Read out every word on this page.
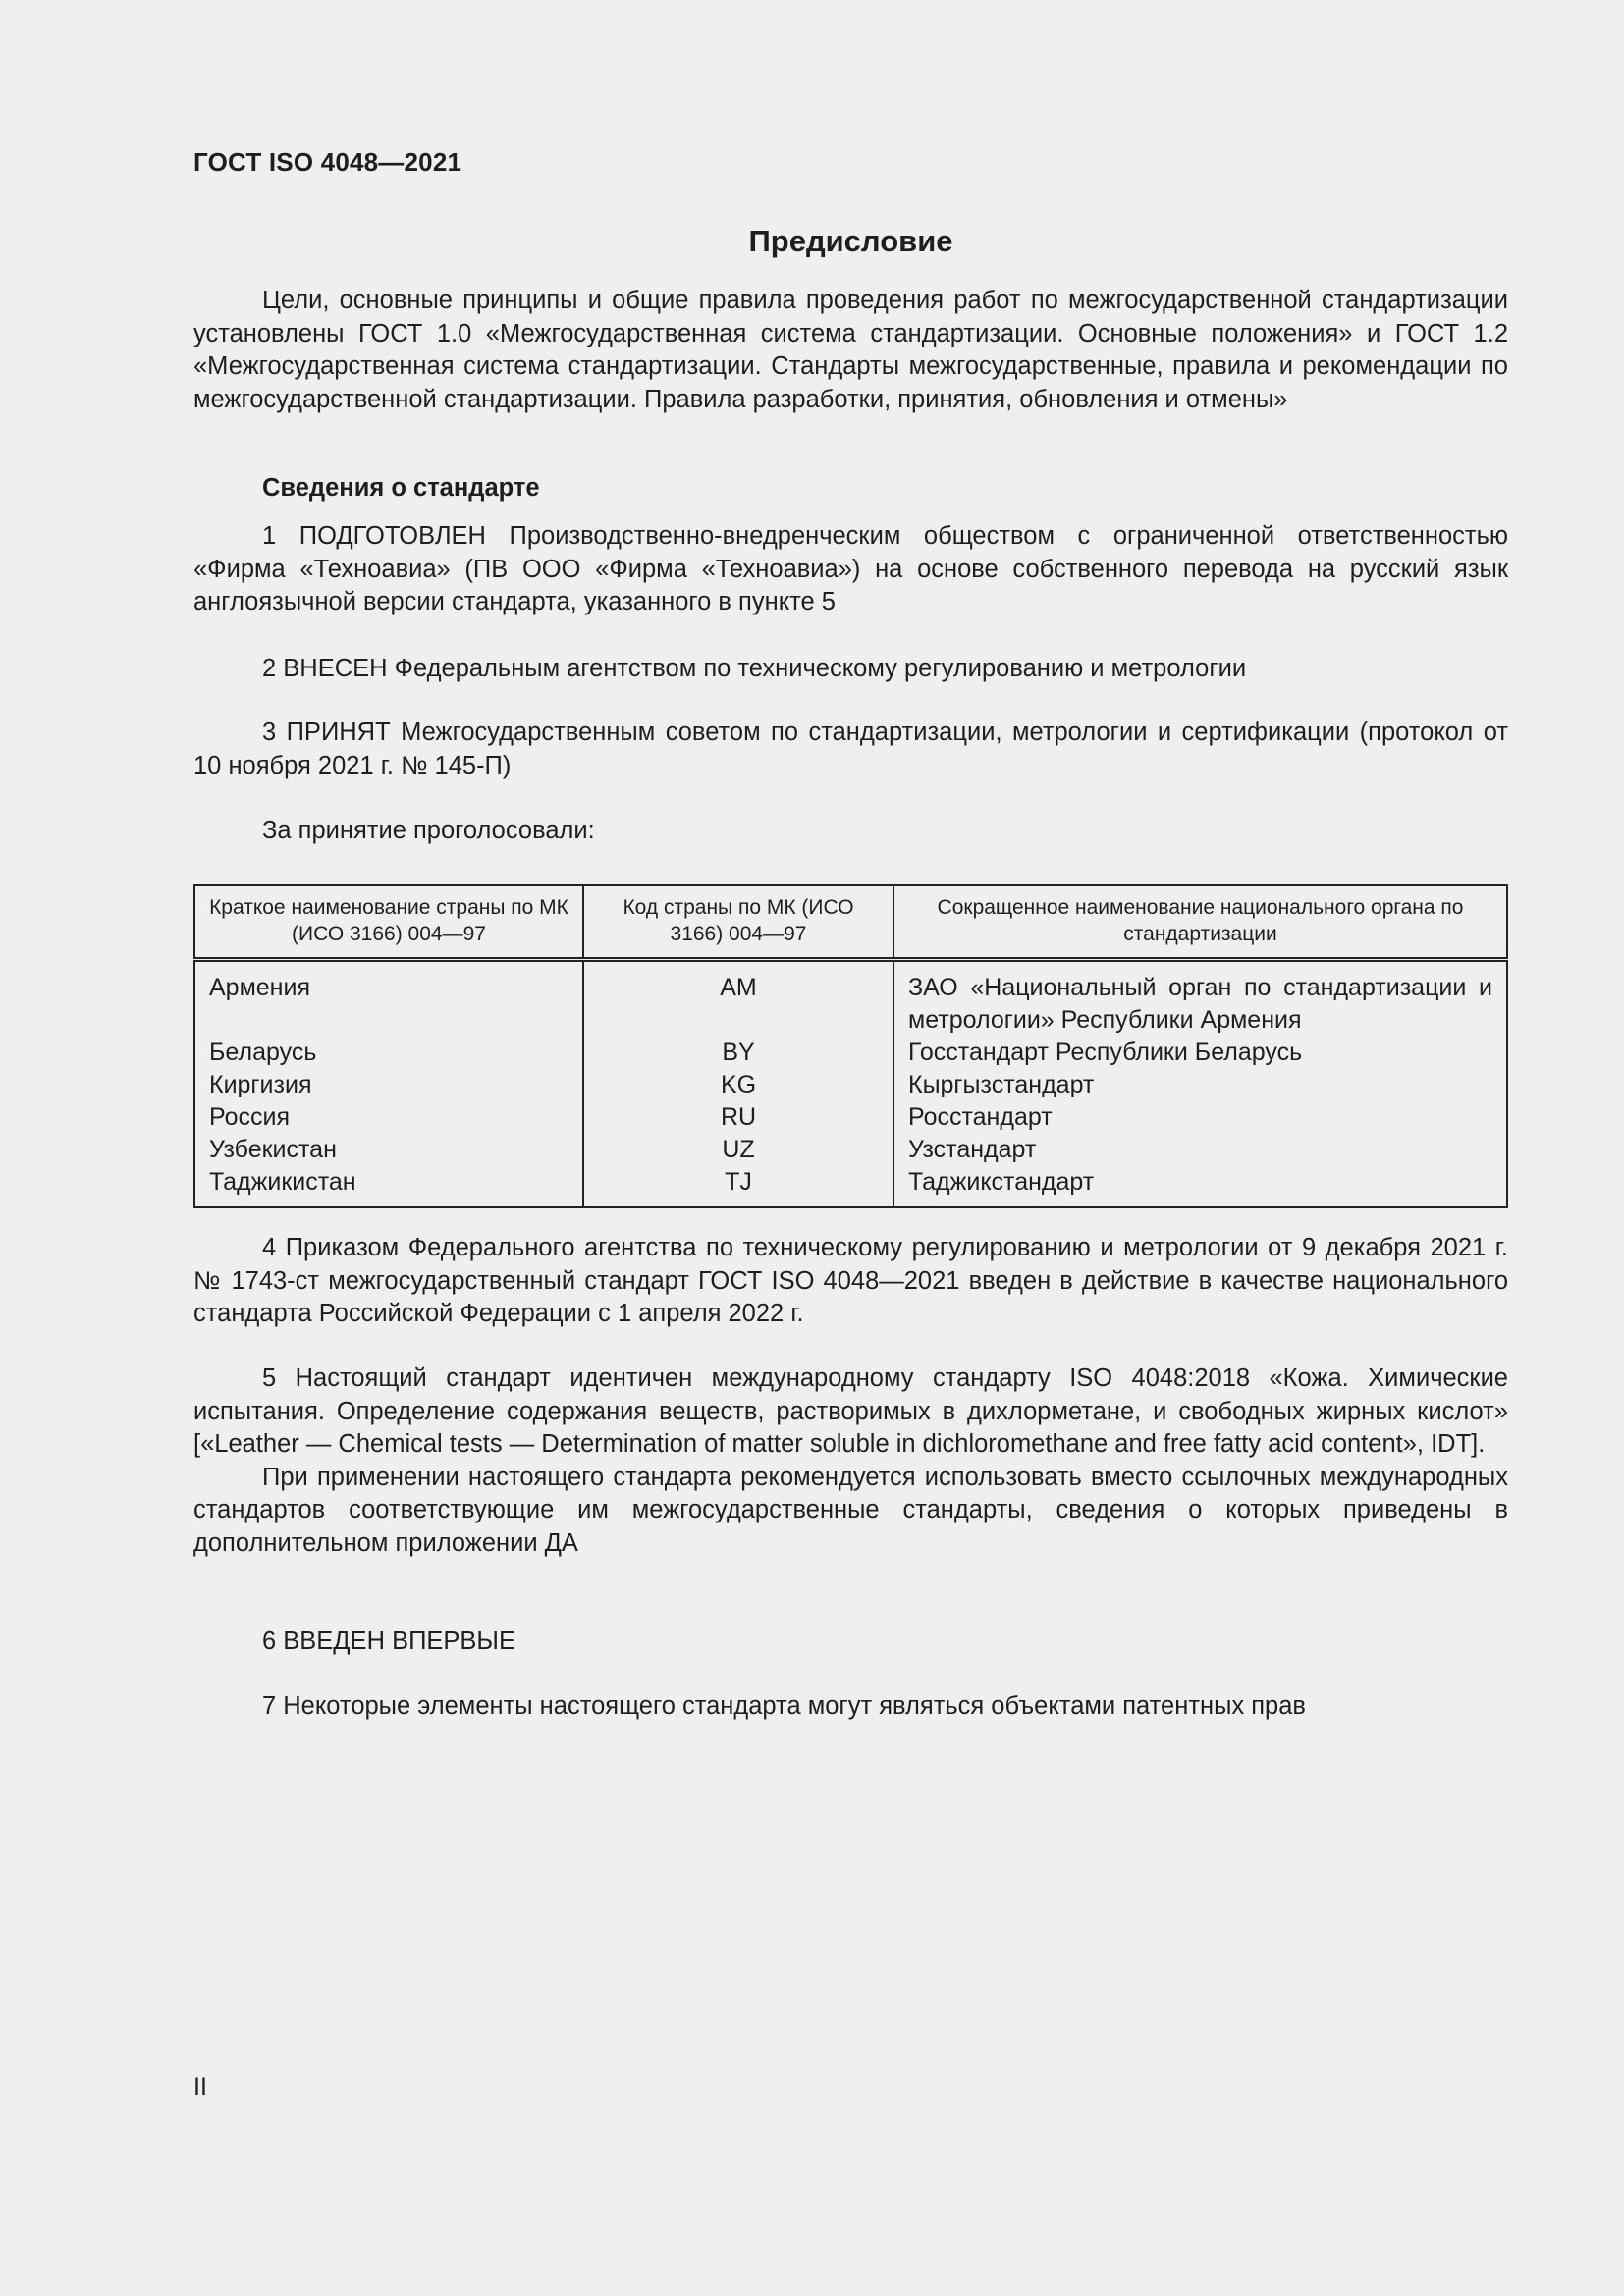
ГОСТ ISO 4048—2021
Предисловие

Цели, основные принципы и общие правила проведения работ по межгосударственной стандартизации установлены ГОСТ 1.0 «Межгосударственная система стандартизации. Основные положения» и ГОСТ 1.2 «Межгосударственная система стандартизации. Стандарты межгосударственные, правила и рекомендации по межгосударственной стандартизации. Правила разработки, принятия, обновления и отмены»

Сведения о стандарте

1 ПОДГОТОВЛЕН Производственно-внедренческим обществом с ограниченной ответственностью «Фирма «Техноавиа» (ПВ ООО «Фирма «Техноавиа») на основе собственного перевода на русский язык англоязычной версии стандарта, указанного в пункте 5

2 ВНЕСЕН Федеральным агентством по техническому регулированию и метрологии

3 ПРИНЯТ Межгосударственным советом по стандартизации, метрологии и сертификации (протокол от 10 ноября 2021 г. № 145-П)

За принятие проголосовали:

Краткое наименование страны по МК (ИСО 3166) 004—97	Код страны по МК (ИСО 3166) 004—97	Сокращенное наименование национального органа по стандартизации
Армения	AM	ЗАО «Национальный орган по стандартизации и метрологии» Республики Армения
Беларусь	BY	Госстандарт Республики Беларусь
Киргизия	KG	Кыргызстандарт
Россия	RU	Росстандарт
Узбекистан	UZ	Узстандарт
Таджикистан	TJ	Таджикстандарт

4 Приказом Федерального агентства по техническому регулированию и метрологии от 9 декабря 2021 г. № 1743-ст межгосударственный стандарт ГОСТ ISO 4048—2021 введен в действие в качестве национального стандарта Российской Федерации с 1 апреля 2022 г.

5 Настоящий стандарт идентичен международному стандарту ISO 4048:2018 «Кожа. Химические испытания. Определение содержания веществ, растворимых в дихлорметане, и свободных жирных кислот» [«Leather — Chemical tests — Determination of matter soluble in dichloromethane and free fatty acid content», IDT].

При применении настоящего стандарта рекомендуется использовать вместо ссылочных международных стандартов соответствующие им межгосударственные стандарты, сведения о которых приведены в дополнительном приложении ДА

6 ВВЕДЕН ВПЕРВЫЕ

7 Некоторые элементы настоящего стандарта могут являться объектами патентных прав

II
